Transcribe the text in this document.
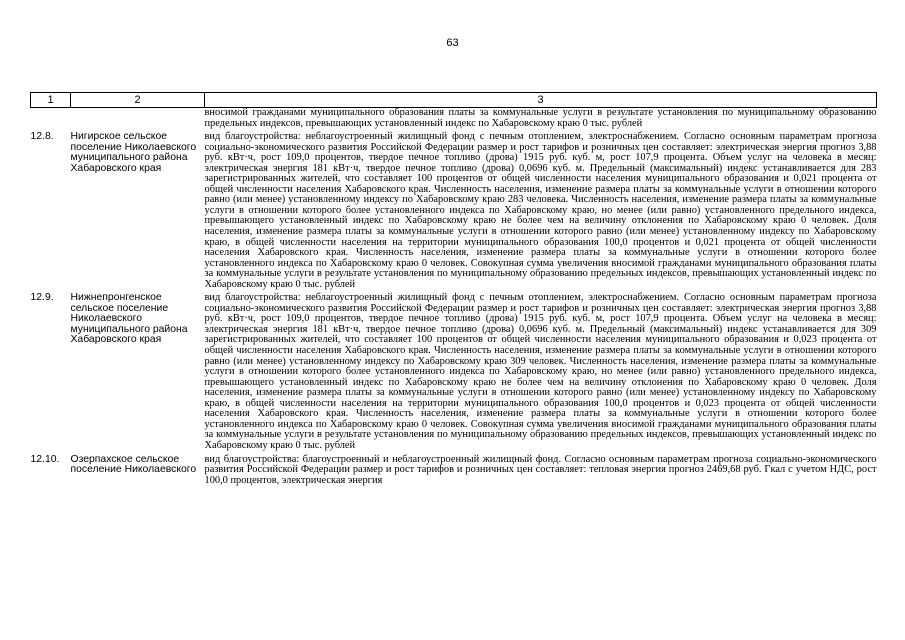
63
1	2	3
		вносимой гражданами муниципального образования платы за коммунальные услуги в результате установления по муниципальному образованию предельных индексов, превышающих установленный индекс по Хабаровскому краю 0 тыс. рублей
12.8.	Нигирское сельское поселение Николаевского муниципального района Хабаровского края	вид благоустройства: неблагоустроенный жилищный фонд с печным отоплением, электроснабжением. Согласно основным параметрам прогноза социально-экономического развития Российской Федерации размер и рост тарифов и розничных цен составляет: электрическая энергия прогноз 3,88 руб. кВт·ч, рост 109,0 процентов, твердое печное топливо (дрова) 1915 руб. куб. м, рост 107,9 процента. Объем услуг на человека в месяц: электрическая энергия 181 кВт·ч, твердое печное топливо (дрова) 0,0696 куб. м. Предельный (максимальный) индекс устанавливается для 283 зарегистрированных жителей, что составляет 100 процентов от общей численности населения муниципального образования и 0,021 процента от общей численности населения Хабаровского края. Численность населения, изменение размера платы за коммунальные услуги в отношении которого равно (или менее) установленному индексу по Хабаровскому краю 283 человека. Численность населения, изменение размера платы за коммунальные услуги в отношении которого более установленного индекса по Хабаровскому краю, но менее (или равно) установленного предельного индекса, превышающего установленный индекс по Хабаровскому краю не более чем на величину отклонения по Хабаровскому краю 0 человек. Доля населения, изменение размера платы за коммунальные услуги в отношении которого равно (или менее) установленному индексу по Хабаровскому краю, в общей численности населения на территории муниципального образования 100,0 процентов и 0,021 процента от общей численности населения Хабаровского края. Численность населения, изменение размера платы за коммунальные услуги в отношении которого более установленного индекса по Хабаровскому краю 0 человек. Совокупная сумма увеличения вносимой гражданами муниципального образования платы за коммунальные услуги в результате установления по муниципальному образованию предельных индексов, превышающих установленный индекс по Хабаровскому краю 0 тыс. рублей
12.9.	Нижнепронгенское сельское поселение Николаевского муниципального района Хабаровского края	вид благоустройства: неблагоустроенный жилищный фонд с печным отоплением, электроснабжением. Согласно основным параметрам прогноза социально-экономического развития Российской Федерации размер и рост тарифов и розничных цен составляет: электрическая энергия прогноз 3,88 руб. кВт·ч, рост 109,0 процентов, твердое печное топливо (дрова) 1915 руб. куб. м, рост 107,9 процента. Объем услуг на человека в месяц: электрическая энергия 181 кВт·ч, твердое печное топливо (дрова) 0,0696 куб. м. Предельный (максимальный) индекс устанавливается для 309 зарегистрированных жителей, что составляет 100 процентов от общей численности населения муниципального образования и 0,023 процента от общей численности населения Хабаровского края. Численность населения, изменение размера платы за коммунальные услуги в отношении которого равно (или менее) установленному индексу по Хабаровскому краю 309 человек. Численность населения, изменение размера платы за коммунальные услуги в отношении которого более установленного индекса по Хабаровскому краю, но менее (или равно) установленного предельного индекса, превышающего установленный индекс по Хабаровскому краю не более чем на величину отклонения по Хабаровскому краю 0 человек. Доля населения, изменение размера платы за коммунальные услуги в отношении которого равно (или менее) установленному индексу по Хабаровскому краю, в общей численности населения на территории муниципального образования 100,0 процентов и 0,023 процента от общей численности населения Хабаровского края. Численность населения, изменение размера платы за коммунальные услуги в отношении которого более установленного индекса по Хабаровскому краю 0 человек. Совокупная сумма увеличения вносимой гражданами муниципального образования платы за коммунальные услуги в результате установления по муниципальному образованию предельных индексов, превышающих установленный индекс по Хабаровскому краю 0 тыс. рублей
12.10.	Озерпахское сельское поселение Николаевского	вид благоустройства: благоустроенный и неблагоустроенный жилищный фонд. Согласно основным параметрам прогноза социально-экономического развития Российской Федерации размер и рост тарифов и розничных цен составляет: тепловая энергия прогноз 2469,68 руб. Гкал с учетом НДС, рост 100,0 процентов, электрическая энергия
